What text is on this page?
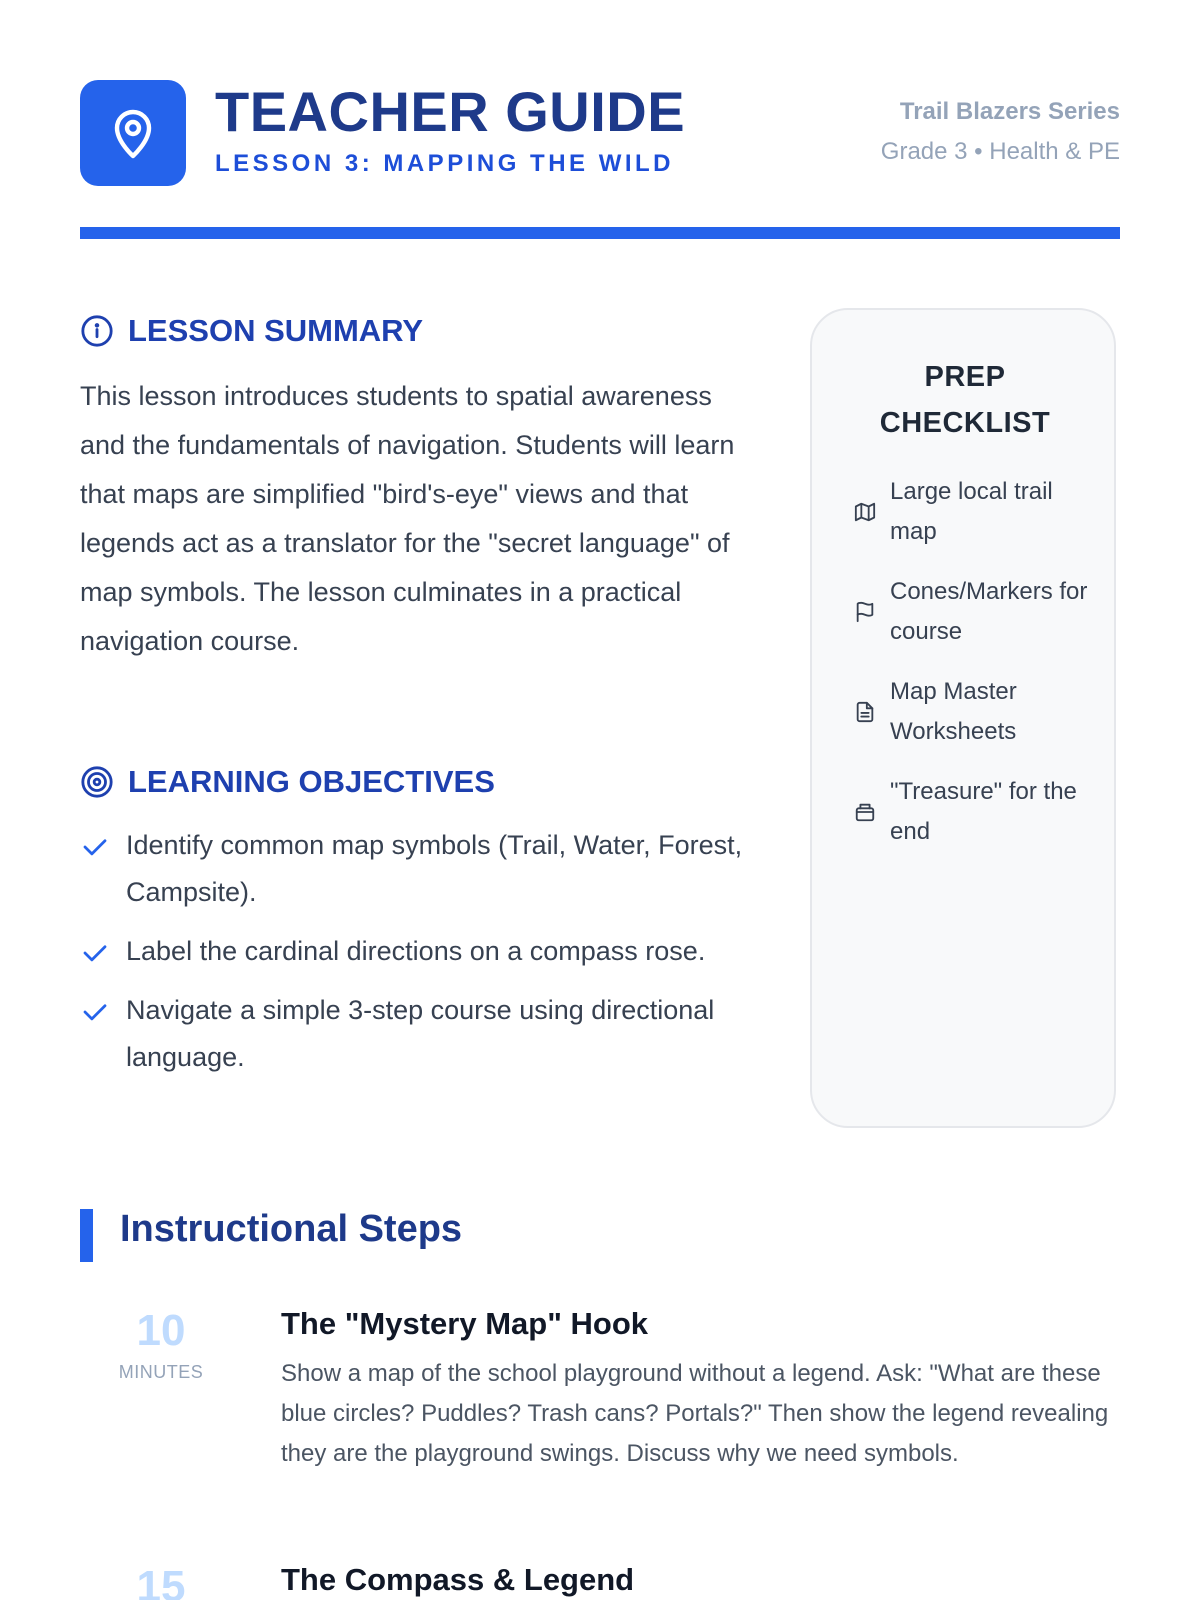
TEACHER GUIDE
LESSON 3: MAPPING THE WILD
Trail Blazers Series
Grade 3 • Health & PE
LESSON SUMMARY
This lesson introduces students to spatial awareness and the fundamentals of navigation. Students will learn that maps are simplified "bird's-eye" views and that legends act as a translator for the "secret language" of map symbols. The lesson culminates in a practical navigation course.
LEARNING OBJECTIVES
Identify common map symbols (Trail, Water, Forest, Campsite).
Label the cardinal directions on a compass rose.
Navigate a simple 3-step course using directional language.
PREP
CHECKLIST
Large local trail map
Cones/Markers for course
Map Master Worksheets
"Treasure" for the end
Instructional Steps
10
MINUTES
The "Mystery Map" Hook
Show a map of the school playground without a legend. Ask: "What are these blue circles? Puddles? Trash cans? Portals?" Then show the legend revealing they are the playground swings. Discuss why we need symbols.
15	The Compass & Legend
